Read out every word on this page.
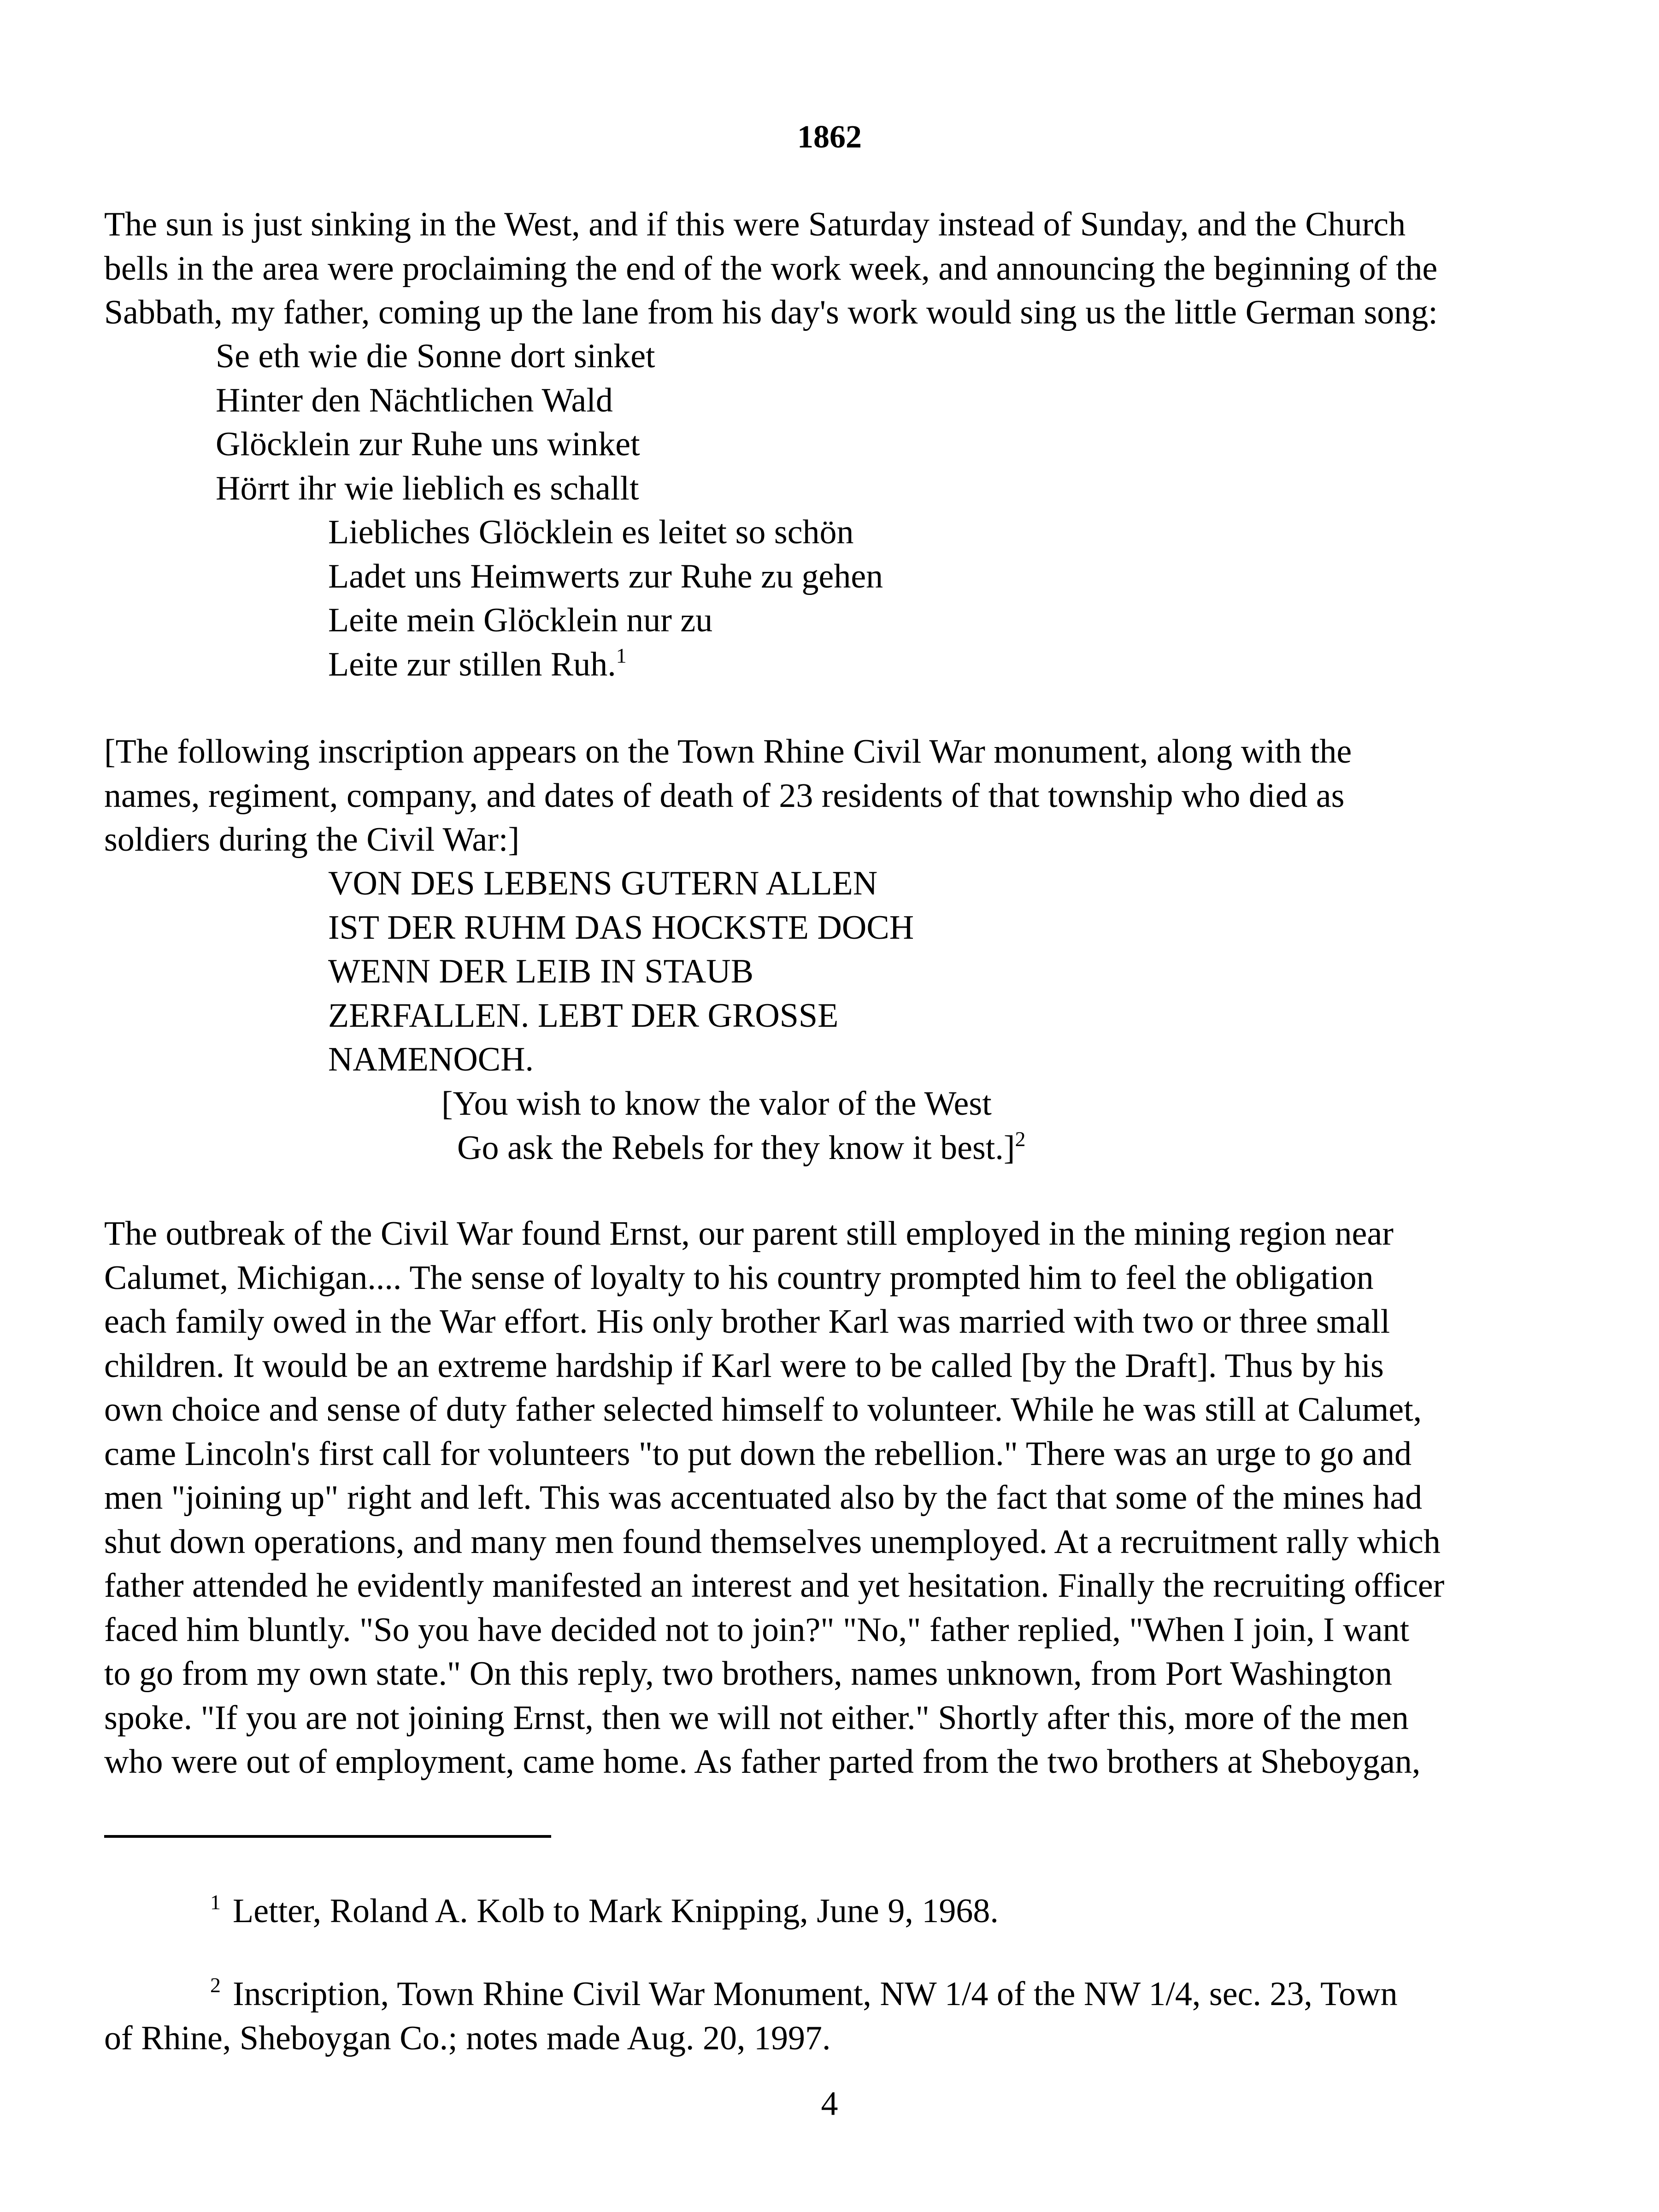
1862
The sun is just sinking in the West, and if this were Saturday instead of Sunday, and the Church
bells in the area were proclaiming the end of the work week, and announcing the beginning of the
Sabbath, my father, coming up the lane from his day's work would sing us the little German song:
Se eth wie die Sonne dort sinket
Hinter den Nächtlichen Wald
Glöcklein zur Ruhe uns winket
Hörrt ihr wie lieblich es schallt
Liebliches Glöcklein es leitet so schön
Ladet uns Heimwerts zur Ruhe zu gehen
Leite mein Glöcklein nur zu
Leite zur stillen Ruh.$^1$
[The following inscription appears on the Town Rhine Civil War monument, along with the
names, regiment, company, and dates of death of 23 residents of that township who died as
soldiers during the Civil War:]
VON DES LEBENS GUTERN ALLEN
IST DER RUHM DAS HOCKSTE DOCH
WENN DER LEIB IN STAUB
ZERFALLEN. LEBT DER GROSSE
NAMENOCH.
[You wish to know the valor of the West
Go ask the Rebels for they know it best.]$^2$
The outbreak of the Civil War found Ernst, our parent still employed in the mining region near
Calumet, Michigan.... The sense of loyalty to his country prompted him to feel the obligation
each family owed in the War effort. His only brother Karl was married with two or three small
children. It would be an extreme hardship if Karl were to be called [by the Draft]. Thus by his
own choice and sense of duty father selected himself to volunteer. While he was still at Calumet,
came Lincoln's first call for volunteers "to put down the rebellion." There was an urge to go and
men "joining up" right and left. This was accentuated also by the fact that some of the mines had
shut down operations, and many men found themselves unemployed. At a recruitment rally which
father attended he evidently manifested an interest and yet hesitation. Finally the recruiting officer
faced him bluntly. "So you have decided not to join?" "No," father replied, "When I join, I want
to go from my own state." On this reply, two brothers, names unknown, from Port Washington
spoke. "If you are not joining Ernst, then we will not either." Shortly after this, more of the men
who were out of employment, came home. As father parted from the two brothers at Sheboygan,
$^1$ Letter, Roland A. Kolb to Mark Knipping, June 9, 1968.
$^2$ Inscription, Town Rhine Civil War Monument, NW 1/4 of the NW 1/4, sec. 23, Town
of Rhine, Sheboygan Co.; notes made Aug. 20, 1997.
4
